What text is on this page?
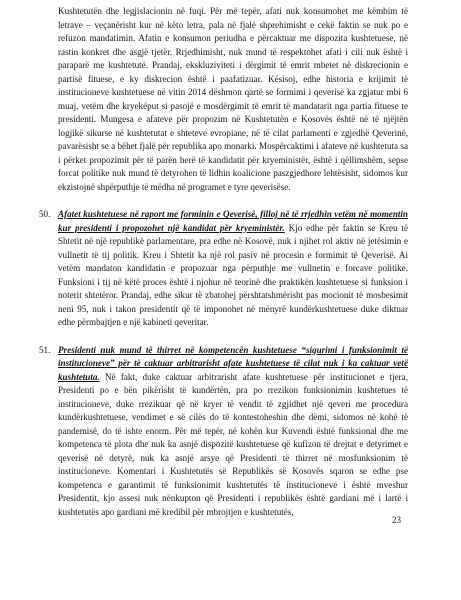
Kushtetutën dhe legjislacionin në fuqi. Për më tepër, afati nuk konsumohet me këmbim të letrave – veçanërisht kur në këto letra, pala në fjalë shprehimisht e cekë faktin se nuk po e refuzon mandatimin. Afatin e konsumon periudha e përcaktuar me dispozita kushtetuese, në rastin konkret dhe asgjë tjetër. Rrjedhimisht, nuk mund të respektohet afati i cili nuk është i paraparë me kushtetutë. Prandaj, ekskluziviteti i dërgimit të emrit mbetet në diskrecionin e partisë fituese, e ky diskrecion është i paafatizuar. Kësisoj, edhe historia e krijimit të institucioneve kushtetuese në vitin 2014 dëshmon qartë se formimi i qeverisë ka zgjatur mbi 6 muaj, vetëm dhe kryeképut si pasojë e mosdërgimit të emrit të mandatarit nga partia fituese te presidenti. Mungesa e afateve për propozim në Kushtetutën e Kosovës është në të njëjtën logjikë sikurse në kushtetutat e shteteve evropiane, në të cilat parlamenti e zgjedhë Qeverinë, pavarësisht se a bëhet fjalë për republika apo monarki. Mospërcaktimi i afateve në kushtetuta sa i përket propozimit për të parën herë të kandidatit për kryeministër, është i qëllimshëm, sepse forcat politike nuk mund të detyrohen të lidhin koalicione paszgjedhore lehtësisht, sidomos kur ekzistojnë shpërputhje të mëdha në programet e tyre qeverisëse.

50. Afatet kushtetuese në raport me forminin e Qeverisë, filloj në të rrjedhin vetëm në momentin kur presidenti i propozohet një kandidat për kryeministër. Kjo edhe për faktin se Kreu të Shtetit në një republikë parlamentare, pra edhe në Kosovë, nuk i njihet rol aktiv në jetësimin e vullnetit të tij politik. Kreu i Shtetit ka një rol pasiv në procesin e formimit të Qeverisë. Ai vetëm mandaton kandidatin e propozuar nga përputhje me vullnetin e forcave politike. Funksioni i tij në këtë proces është i njohur në teorinë dhe praktikën kushtetuese si funksion i noterit shtetëror. Prandaj, edhe sikur të zbatohej përshtatshmërisht pas mocionit të mosbesimit neni 95, nuk i takon presidentit që të imponohet në mënyrë kundërkushtetuese duke diktuar edhe përmbajtjen e një kabineti qeveritar.

51. Presidenti nuk mund të thirret në kompetencën kushtetuese “sigurimi i funksionimit të institucioneve” për të caktuar arbitrarisht afate kushtetuese të cilat nuk i ka caktuar vetë kushtetuta. Në fakt, duke caktuar arbitrarisht afate kushtetuese për institucionet e tjera, Presidenti po e bën pikërisht të kundërtën, pra po rrezikon funksionimin kushtetues të institucioneve, duke rrezikuar që në kryer të vendit të zgjidhet një qeveri me procedura kundërkushtetuese, vendimet e së cilës do të kontestoheshin dhe dëmi, sidomos në kohë të pandemisë, do të ishte enorm. Për më tepër, në kohën kur Kuvendi është funksional dhe me kompetenca të plota dhe nuk ka asnjë dispozitë kushtetuese që kufizon të drejtat e detyrimet e qeverisë në detyrë, nuk ka asnjë arsye që Presidenti të thirret në mosfunksionim të institucioneve. Komentari i Kushtetutës së Republikës së Kosovës sqaron se edhe pse kompetenca e garantimit të funksionimit kushtetutës të institucioneve i është mveshur Presidentit, kjo assesi nuk nënkupton që Presidenti i republikës është gardiani më i lartë i kushtetutës apo gardiani më kredibil për mbrojtjen e kushtetutës,

23
